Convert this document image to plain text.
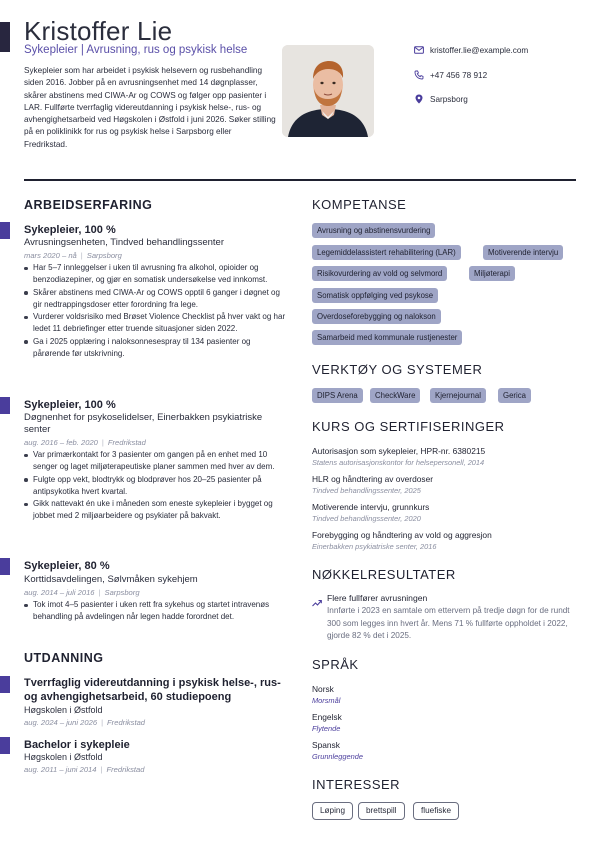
Kristoffer Lie
Sykepleier | Avrusning, rus og psykisk helse
Sykepleier som har arbeidet i psykisk helsevern og rusbehandling siden 2016. Jobber på en avrusningsenhet med 14 døgnplasser, skårer abstinens med CIWA-Ar og COWS og følger opp pasienter i LAR. Fullførte tverrfaglig videreutdanning i psykisk helse-, rus- og avhengighetsarbeid ved Høgskolen i Østfold i juni 2026. Søker stilling på en poliklinikk for rus og psykisk helse i Sarpsborg eller Fredrikstad.
kristoffer.lie@example.com
+47 456 78 912
Sarpsborg
ARBEIDSERFARING
Sykepleier, 100 %
Avrusningsenheten, Tindved behandlingssenter
mars 2020 – nå | Sarpsborg
Har 5–7 innleggelser i uken til avrusning fra alkohol, opioider og benzodiazepiner, og gjør en somatisk undersøkelse ved innkomst.
Skårer abstinens med CIWA-Ar og COWS opptil 6 ganger i døgnet og gir nedtrappingsdoser etter forordning fra lege.
Vurderer voldsrisiko med Brøset Violence Checklist på hver vakt og har ledet 11 debriefinger etter truende situasjoner siden 2022.
Ga i 2025 opplæring i naloksonnesespray til 134 pasienter og pårørende før utskrivning.
Sykepleier, 100 %
Døgnenhet for psykoselidelser, Einerbakken psykiatriske senter
aug. 2016 – feb. 2020 | Fredrikstad
Var primærkontakt for 3 pasienter om gangen på en enhet med 10 senger og laget miljøterapeutiske planer sammen med hver av dem.
Fulgte opp vekt, blodtrykk og blodprøver hos 20–25 pasienter på antipsykotika hvert kvartal.
Gikk nattevakt én uke i måneden som eneste sykepleier i bygget og jobbet med 2 miljøarbeidere og psykiater på bakvakt.
Sykepleier, 80 %
Korttidsavdelingen, Sølvmåken sykehjem
aug. 2014 – juli 2016 | Sarpsborg
Tok imot 4–5 pasienter i uken rett fra sykehus og startet intravenøs behandling på avdelingen når legen hadde forordnet det.
UTDANNING
Tverrfaglig videreutdanning i psykisk helse-, rus- og avhengighetsarbeid, 60 studiepoeng
Høgskolen i Østfold
aug. 2024 – juni 2026 | Fredrikstad
Bachelor i sykepleie
Høgskolen i Østfold
aug. 2011 – juni 2014 | Fredrikstad
KOMPETANSE
Avrusning og abstinensvurdering
Legemiddelassistert rehabilitering (LAR)	Motiverende intervju
Risikovurdering av vold og selvmord	Miljøterapi
Somatisk oppfølging ved psykose
Overdoseforebygging og nalokson
Samarbeid med kommunale rustjenester
VERKTØY OG SYSTEMER
DIPS Arena	CheckWare	Kjernejournal	Gerica
KURS OG SERTIFISERINGER
Autorisasjon som sykepleier, HPR-nr. 6380215
Statens autorisasjonskontor for helsepersonell, 2014
HLR og håndtering av overdoser
Tindved behandlingssenter, 2025
Motiverende intervju, grunnkurs
Tindved behandlingssenter, 2020
Forebygging og håndtering av vold og aggresjon
Einerbakken psykiatriske senter, 2016
NØKKELRESULTATER
Flere fullfører avrusningen
Innførte i 2023 en samtale om ettervern på tredje døgn for de rundt 300 som legges inn hvert år. Mens 71 % fullførte oppholdet i 2022, gjorde 82 % det i 2025.
SPRÅK
Norsk
Morsmål
Engelsk
Flytende
Spansk
Grunnleggende
INTERESSER
Løping	brettspill	fluefiske
